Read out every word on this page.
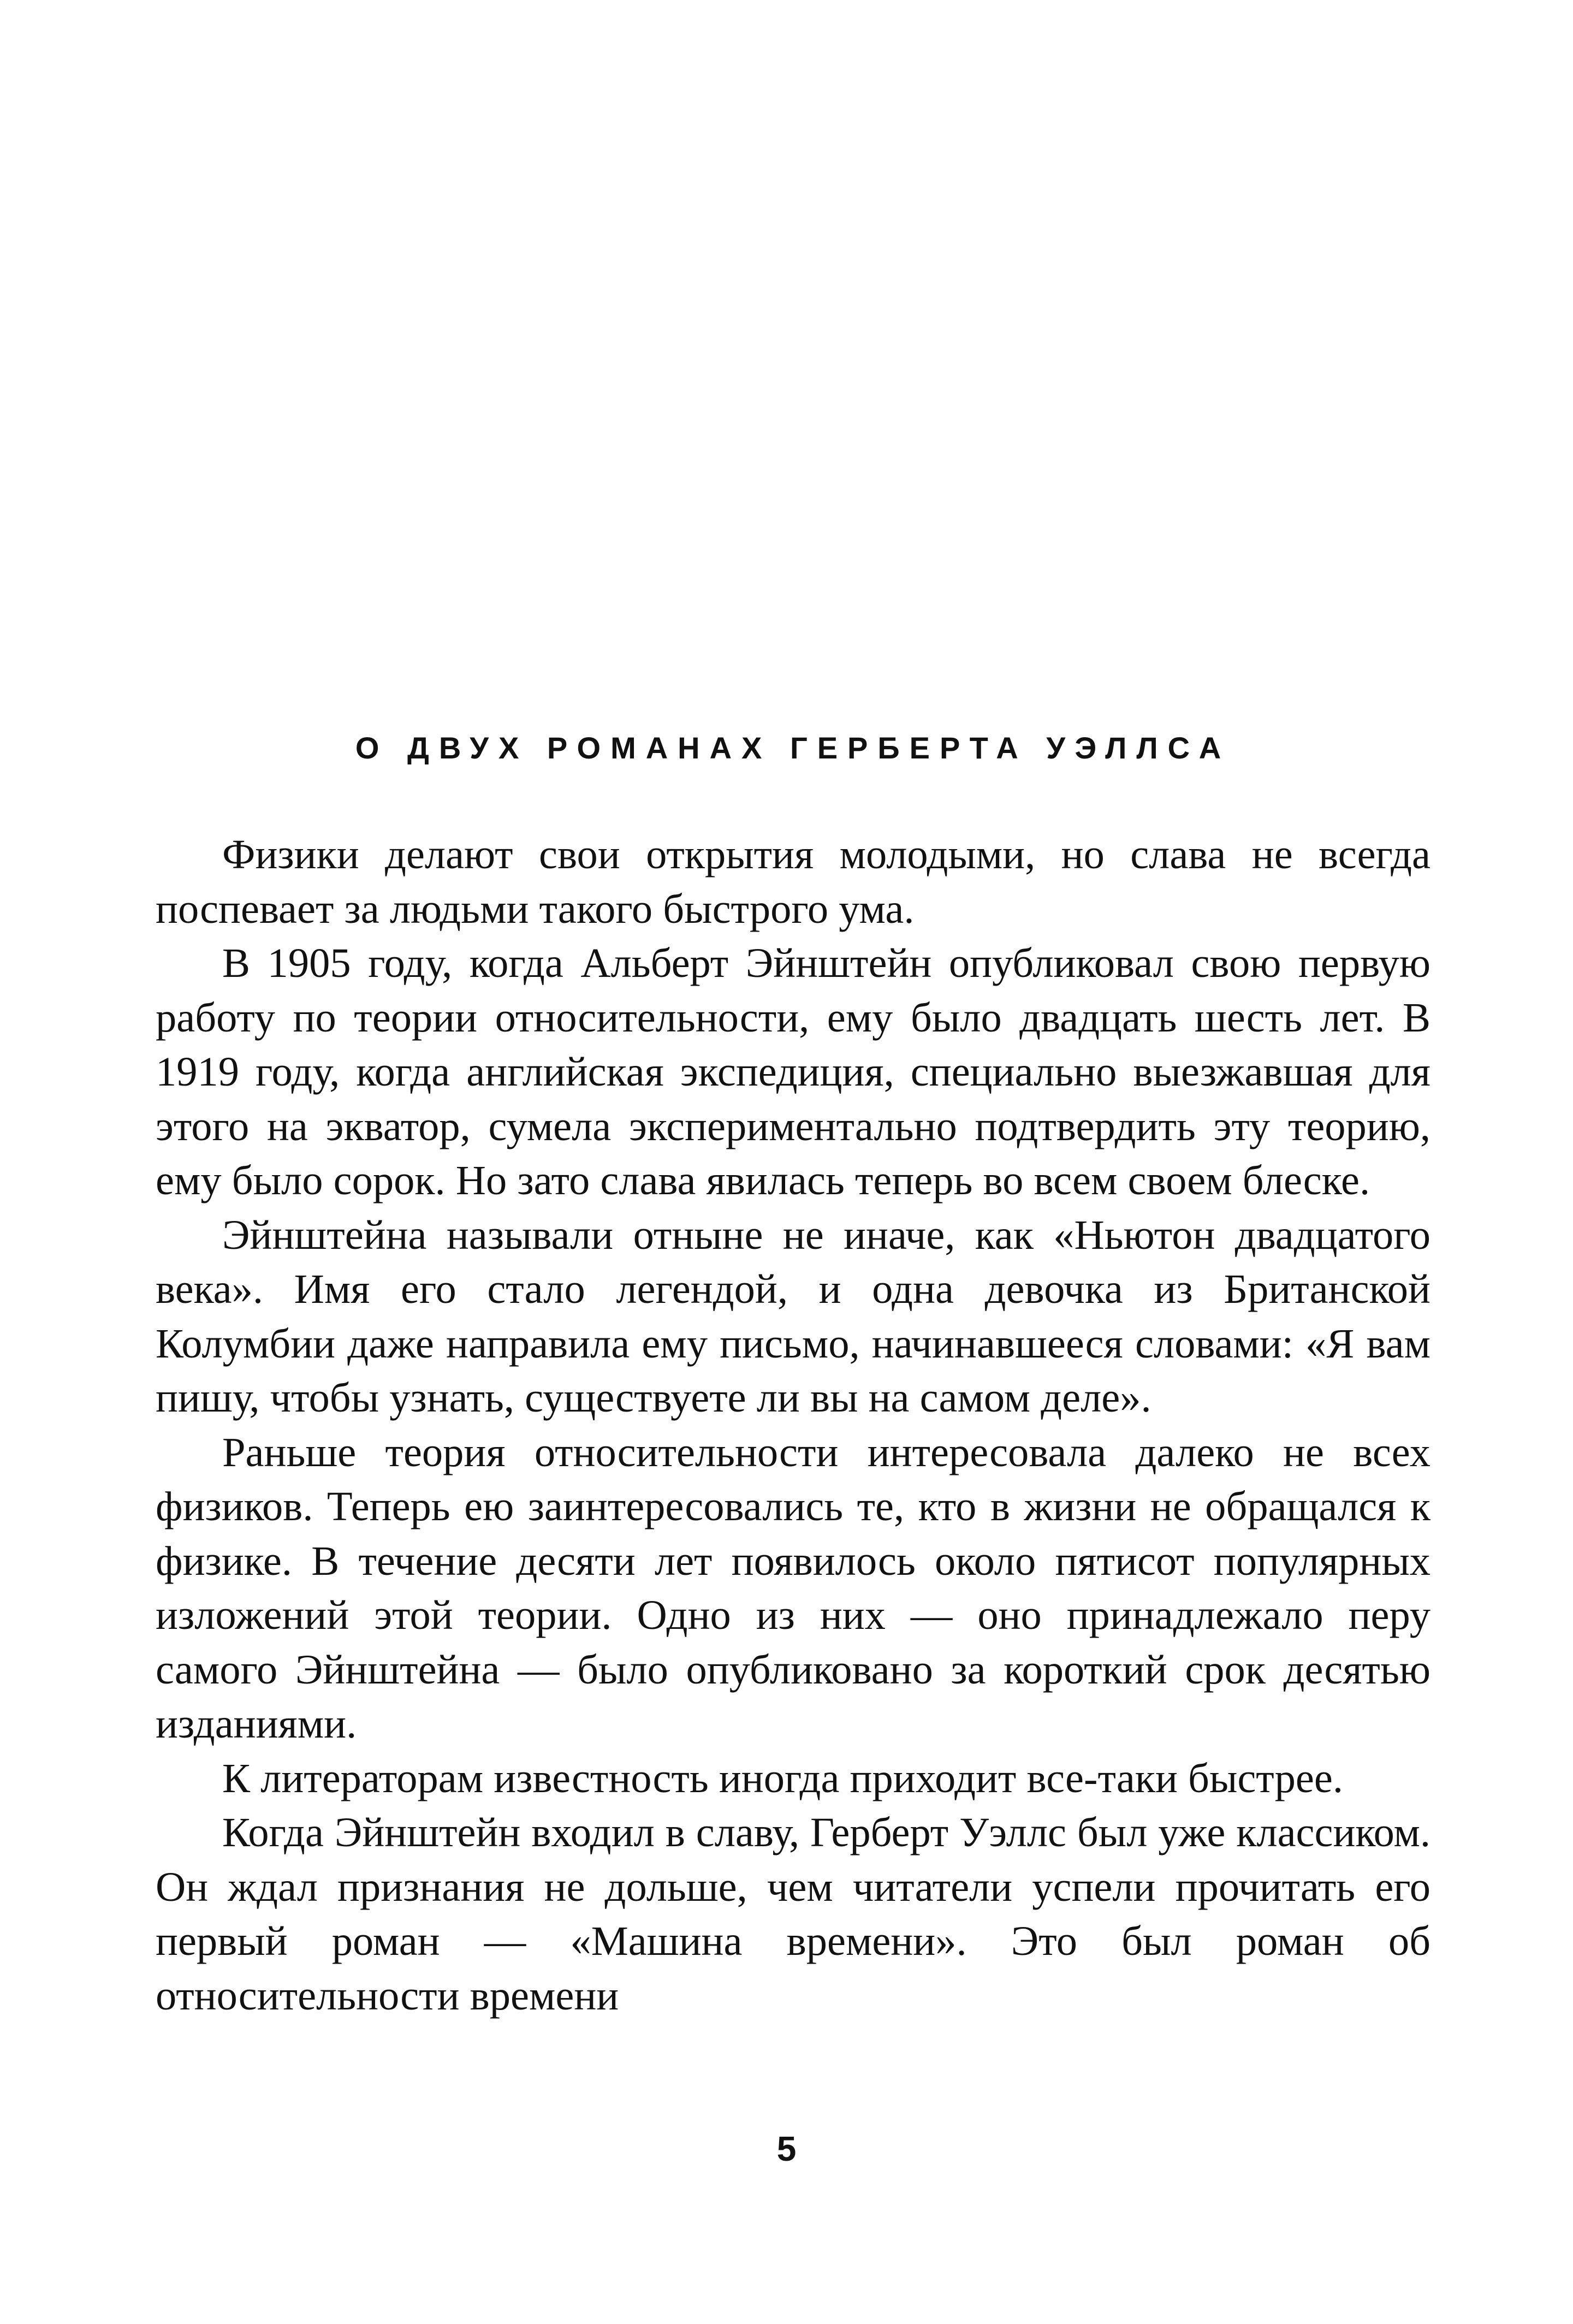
О ДВУХ РОМАНАХ ГЕРБЕРТА УЭЛЛСА

Физики делают свои открытия молодыми, но слава не всегда поспевает за людьми такого быстрого ума.

В 1905 году, когда Альберт Эйнштейн опубликовал свою первую работу по теории относительности, ему было двадцать шесть лет. В 1919 году, когда английская экспедиция, специально выезжавшая для этого на экватор, сумела экспериментально подтвердить эту теорию, ему было сорок. Но зато слава явилась теперь во всем своем блеске.

Эйнштейна называли отныне не иначе, как «Ньютон двадцатого века». Имя его стало легендой, и одна девочка из Британской Колумбии даже направила ему письмо, начинавшееся словами: «Я вам пишу, чтобы узнать, существуете ли вы на самом деле».

Раньше теория относительности интересовала далеко не всех физиков. Теперь ею заинтересовались те, кто в жизни не обращался к физике. В течение десяти лет появилось около пятисот популярных изложений этой теории. Одно из них — оно принадлежало перу самого Эйнштейна — было опубликовано за короткий срок десятью изданиями.

К литераторам известность иногда приходит все-таки быстрее.

Когда Эйнштейн входил в славу, Герберт Уэллс был уже классиком. Он ждал признания не дольше, чем читатели успели прочитать его первый роман — «Машина времени». Это был роман об относительности времени

5
